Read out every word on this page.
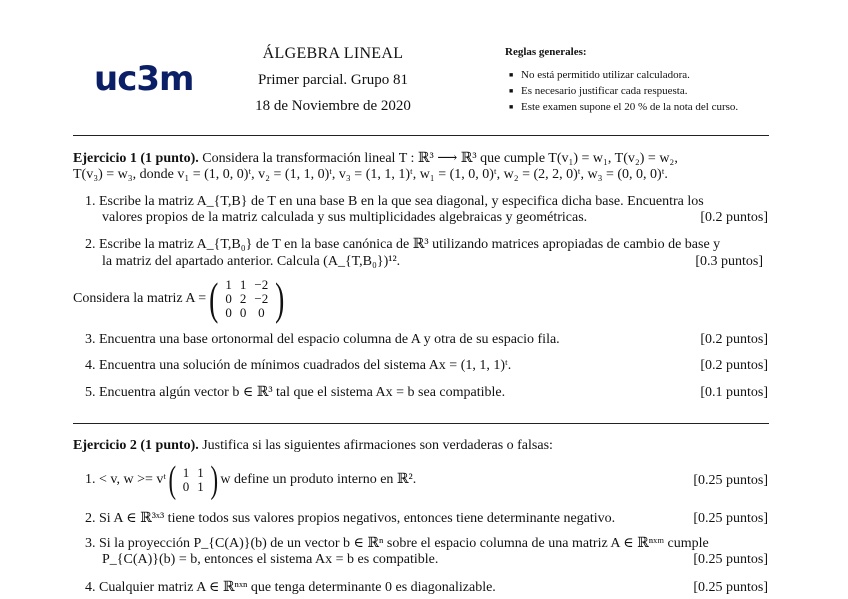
uc3m
ÁLGEBRA LINEAL
Primer parcial. Grupo 81
18 de Noviembre de 2020
Reglas generales:
■ No está permitido utilizar calculadora.
■ Es necesario justificar cada respuesta.
■ Este examen supone el 20 % de la nota del curso.
Ejercicio 1 (1 punto). Considera la transformación lineal T : ℝ³ ⟶ ℝ³ que cumple T(v₁) = w₁, T(v₂) = w₂,
T(v₃) = w₃, donde v₁ = (1, 0, 0)ᵗ, v₂ = (1, 1, 0)ᵗ, v₃ = (1, 1, 1)ᵗ, w₁ = (1, 0, 0)ᵗ, w₂ = (2, 2, 0)ᵗ, w₃ = (0, 0, 0)ᵗ.
1. Escribe la matriz A_{T,B} de T en una base B en la que sea diagonal, y especifica dicha base. Encuentra los
valores propios de la matriz calculada y sus multiplicidades algebraicas y geométricas.	[0.2 puntos]
2. Escribe la matriz A_{T,B₀} de T en la base canónica de ℝ³ utilizando matrices apropiadas de cambio de base y
la matriz del apartado anterior. Calcula (A_{T,B₀})¹².	[0.3 puntos]
Considera la matriz A = ( 1	1	−2
0	2	−2
0	0	0 )
3. Encuentra una base ortonormal del espacio columna de A y otra de su espacio fila.	[0.2 puntos]
4. Encuentra una solución de mínimos cuadrados del sistema Ax = (1, 1, 1)ᵗ.	[0.2 puntos]
5. Encuentra algún vector b ∈ ℝ³ tal que el sistema Ax = b sea compatible.	[0.1 puntos]
Ejercicio 2 (1 punto). Justifica si las siguientes afirmaciones son verdaderas o falsas:
1. < v, w >= vᵗ ( 1	1
0	1 ) w define un produto interno en ℝ².	[0.25 puntos]
2. Si A ∈ ℝ³ˣ³ tiene todos sus valores propios negativos, entonces tiene determinante negativo.	[0.25 puntos]
3. Si la proyección P_{C(A)}(b) de un vector b ∈ ℝⁿ sobre el espacio columna de una matriz A ∈ ℝⁿˣᵐ cumple
P_{C(A)}(b) = b, entonces el sistema Ax = b es compatible.	[0.25 puntos]
4. Cualquier matriz A ∈ ℝⁿˣⁿ que tenga determinante 0 es diagonalizable.	[0.25 puntos]
